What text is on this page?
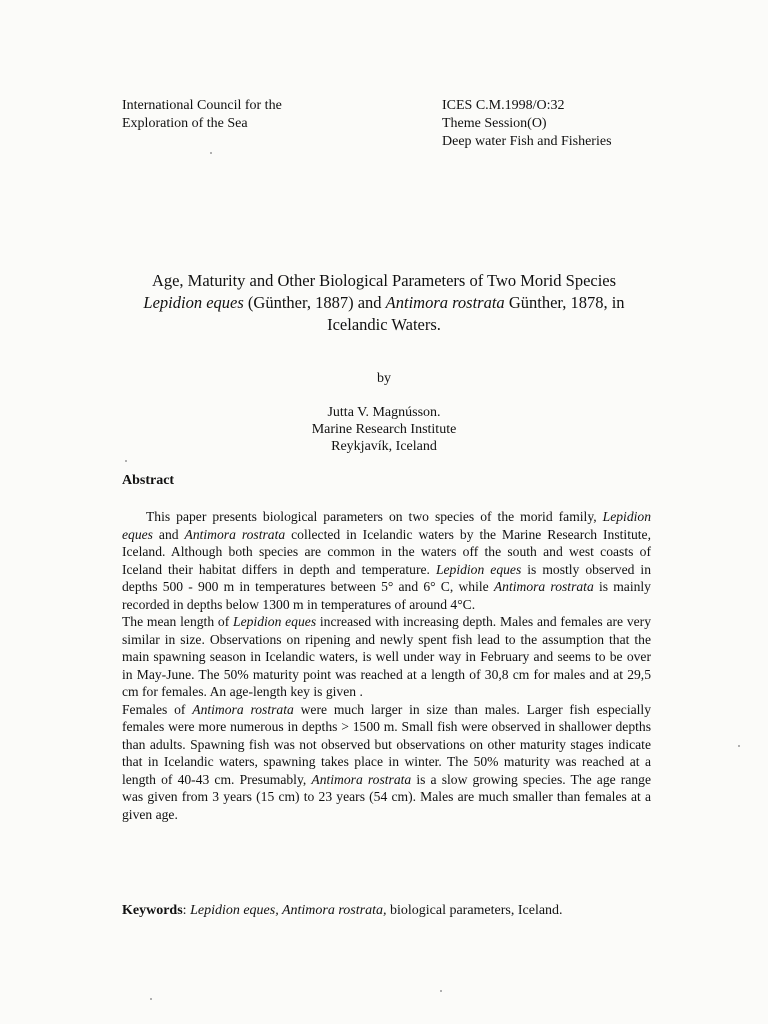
International Council for the
Exploration of the Sea
ICES C.M.1998/O:32
Theme Session(O)
Deep water Fish and Fisheries
Age, Maturity and Other Biological Parameters of Two Morid Species
Lepidion eques (Günther, 1887) and Antimora rostrata Günther, 1878, in
Icelandic Waters.
by
Jutta V. Magnússon.
Marine Research Institute
Reykjavík, Iceland
Abstract

This paper presents biological parameters on two species of the morid family, Lepidion eques and Antimora rostrata collected in Icelandic waters by the Marine Research Institute, Iceland. Although both species are common in the waters off the south and west coasts of Iceland their habitat differs in depth and temperature. Lepidion eques is mostly observed in depths 500 - 900 m in temperatures between 5° and 6° C, while Antimora rostrata is mainly recorded in depths below 1300 m in temperatures of around 4°C.

The mean length of Lepidion eques increased with increasing depth. Males and females are very similar in size. Observations on ripening and newly spent fish lead to the assumption that the main spawning season in Icelandic waters, is well under way in February and seems to be over in May-June. The 50% maturity point was reached at a length of 30,8 cm for males and at 29,5 cm for females. An age-length key is given .

Females of Antimora rostrata were much larger in size than males. Larger fish especially females were more numerous in depths > 1500 m. Small fish were observed in shallower depths than adults. Spawning fish was not observed but observations on other maturity stages indicate that in Icelandic waters, spawning takes place in winter. The 50% maturity was reached at a length of 40-43 cm. Presumably, Antimora rostrata is a slow growing species. The age range was given from 3 years (15 cm) to 23 years (54 cm). Males are much smaller than females at a given age.

Keywords: Lepidion eques, Antimora rostrata, biological parameters, Iceland.
